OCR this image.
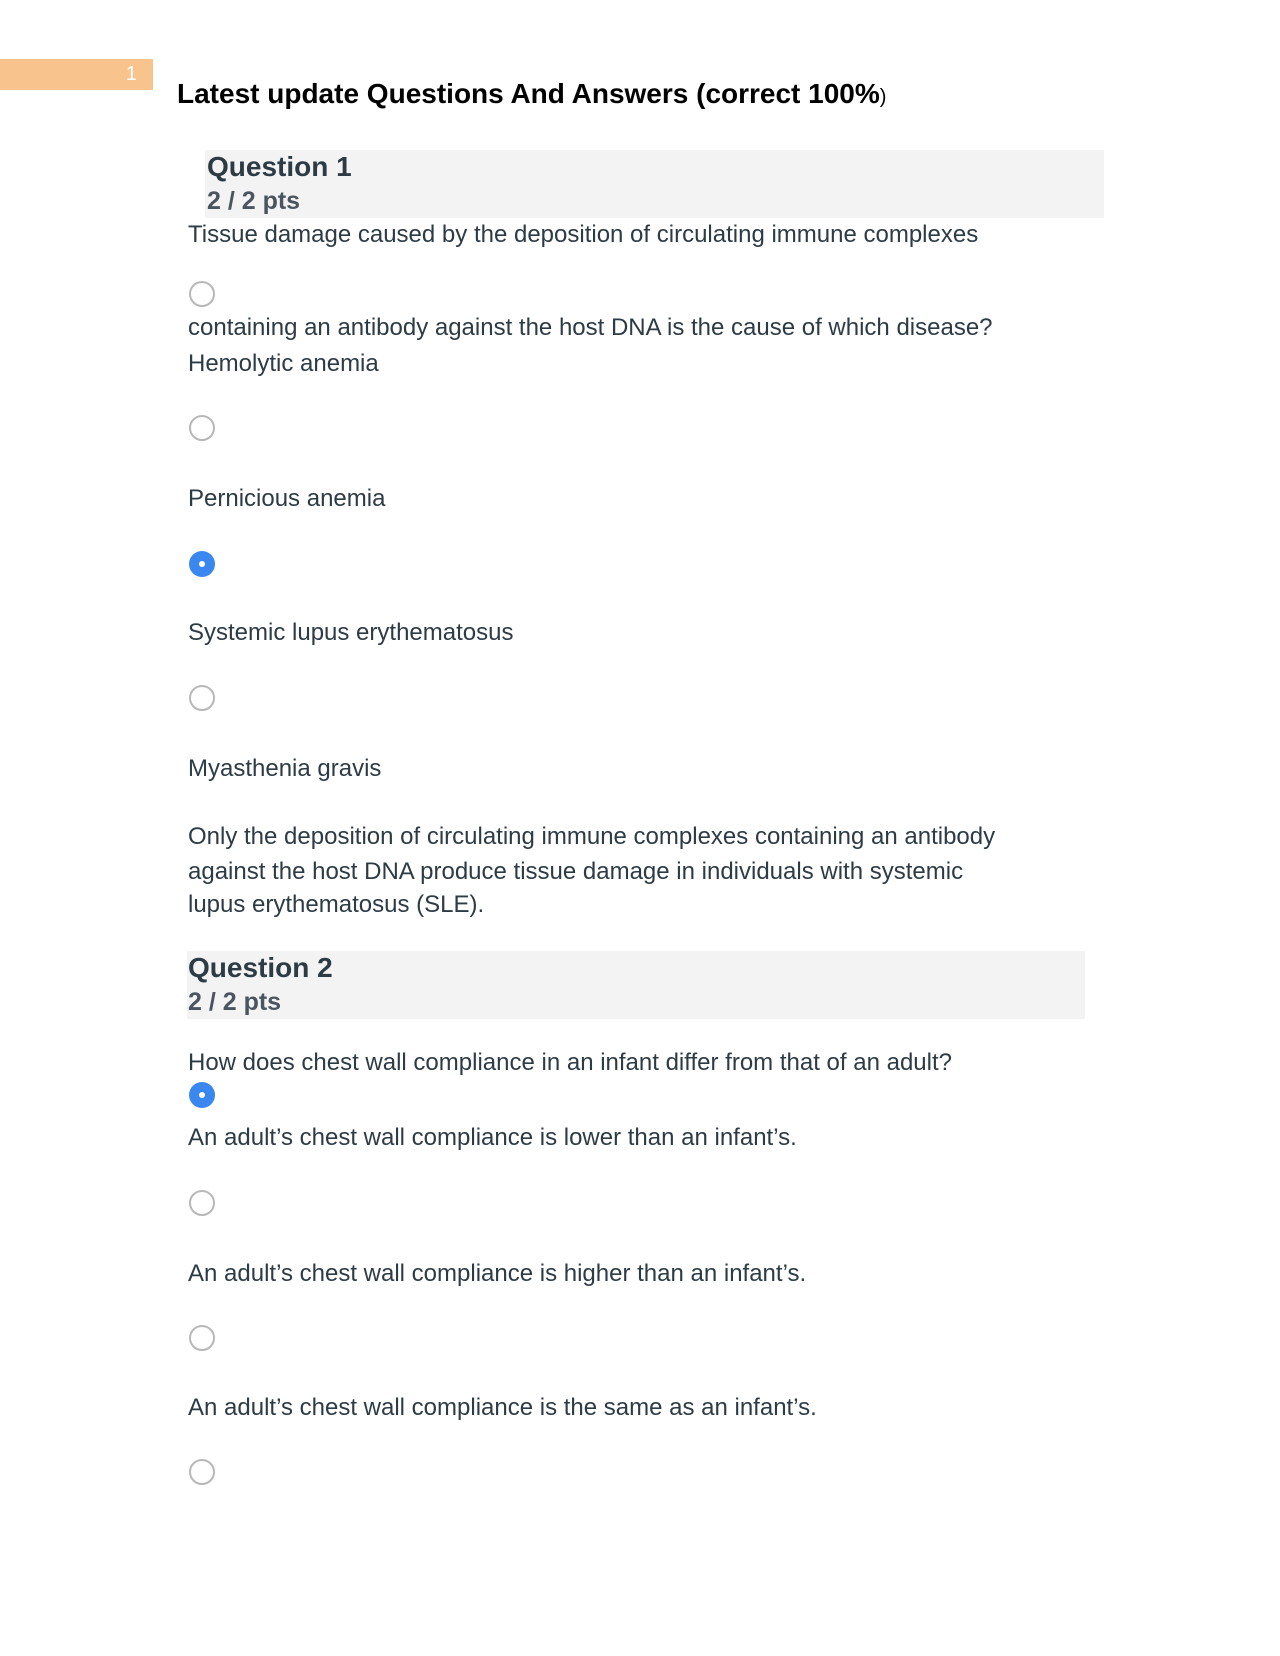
1
Latest update Questions And Answers (correct 100%)
Question 1
2 / 2 pts
Tissue damage caused by the deposition of circulating immune complexes
containing an antibody against the host DNA is the cause of which disease?
Hemolytic anemia
Pernicious anemia
Systemic lupus erythematosus
Myasthenia gravis
Only the deposition of circulating immune complexes containing an antibody
against the host DNA produce tissue damage in individuals with systemic
lupus erythematosus (SLE).
Question 2
2 / 2 pts
How does chest wall compliance in an infant differ from that of an adult?
An adult’s chest wall compliance is lower than an infant’s.
An adult’s chest wall compliance is higher than an infant’s.
An adult’s chest wall compliance is the same as an infant’s.
